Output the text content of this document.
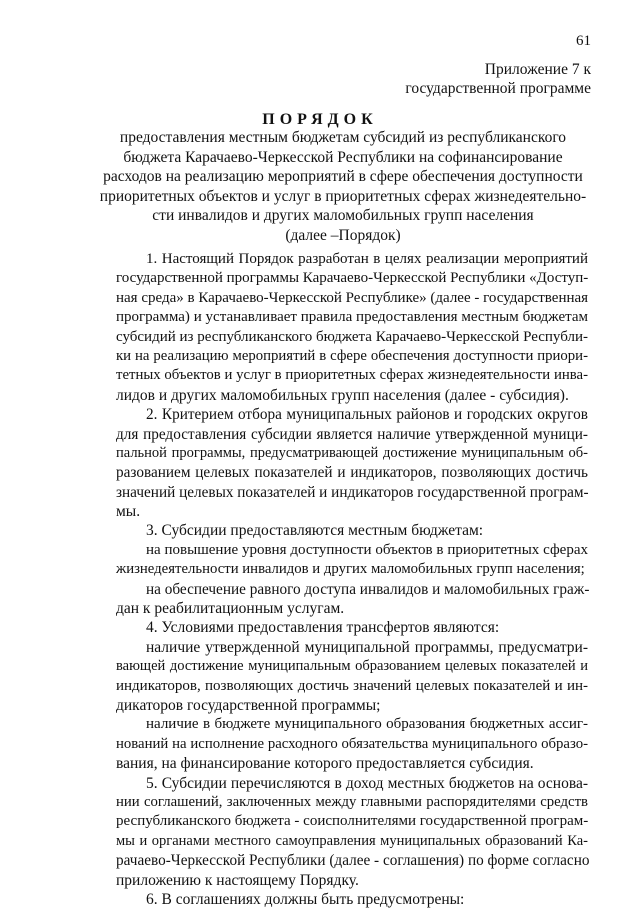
61
Приложение 7 к
государственной программе
ПОРЯДОК
предоставления местным бюджетам субсидий из республиканского
бюджета Карачаево-Черкесской Республики на софинансирование
расходов на реализацию мероприятий в сфере обеспечения доступности
приоритетных объектов и услуг в приоритетных сферах жизнедеятельно-
сти инвалидов и других маломобильных групп населения
(далее –Порядок)
1. Настоящий Порядок разработан в целях реализации мероприятий
государственной программы Карачаево-Черкесской Республики «Доступ-
ная среда» в Карачаево-Черкесской Республике» (далее - государственная
программа) и устанавливает правила предоставления местным бюджетам
субсидий из республиканского бюджета Карачаево-Черкесской Республи-
ки на реализацию мероприятий в сфере обеспечения доступности приори-
тетных объектов и услуг в приоритетных сферах жизнедеятельности инва-
лидов и других маломобильных групп населения (далее - субсидия).
2. Критерием отбора муниципальных районов и городских округов
для предоставления субсидии является наличие утвержденной муници-
пальной программы, предусматривающей достижение муниципальным об-
разованием целевых показателей и индикаторов, позволяющих достичь
значений целевых показателей и индикаторов государственной програм-
мы.
3. Субсидии предоставляются местным бюджетам:
на повышение уровня доступности объектов в приоритетных сферах
жизнедеятельности инвалидов и других маломобильных групп населения;
на обеспечение равного доступа инвалидов и маломобильных граж-
дан к реабилитационным услугам.
4. Условиями предоставления трансфертов являются:
наличие утвержденной муниципальной программы, предусматри-
вающей достижение муниципальным образованием целевых показателей и
индикаторов, позволяющих достичь значений целевых показателей и ин-
дикаторов государственной программы;
наличие в бюджете муниципального образования бюджетных ассиг-
нований на исполнение расходного обязательства муниципального образо-
вания, на финансирование которого предоставляется субсидия.
5. Субсидии перечисляются в доход местных бюджетов на основа-
нии соглашений, заключенных между главными распорядителями средств
республиканского бюджета - соисполнителями государственной програм-
мы и органами местного самоуправления муниципальных образований Ка-
рачаево-Черкесской Республики (далее - соглашения) по форме согласно
приложению к настоящему Порядку.
6. В соглашениях должны быть предусмотрены:
